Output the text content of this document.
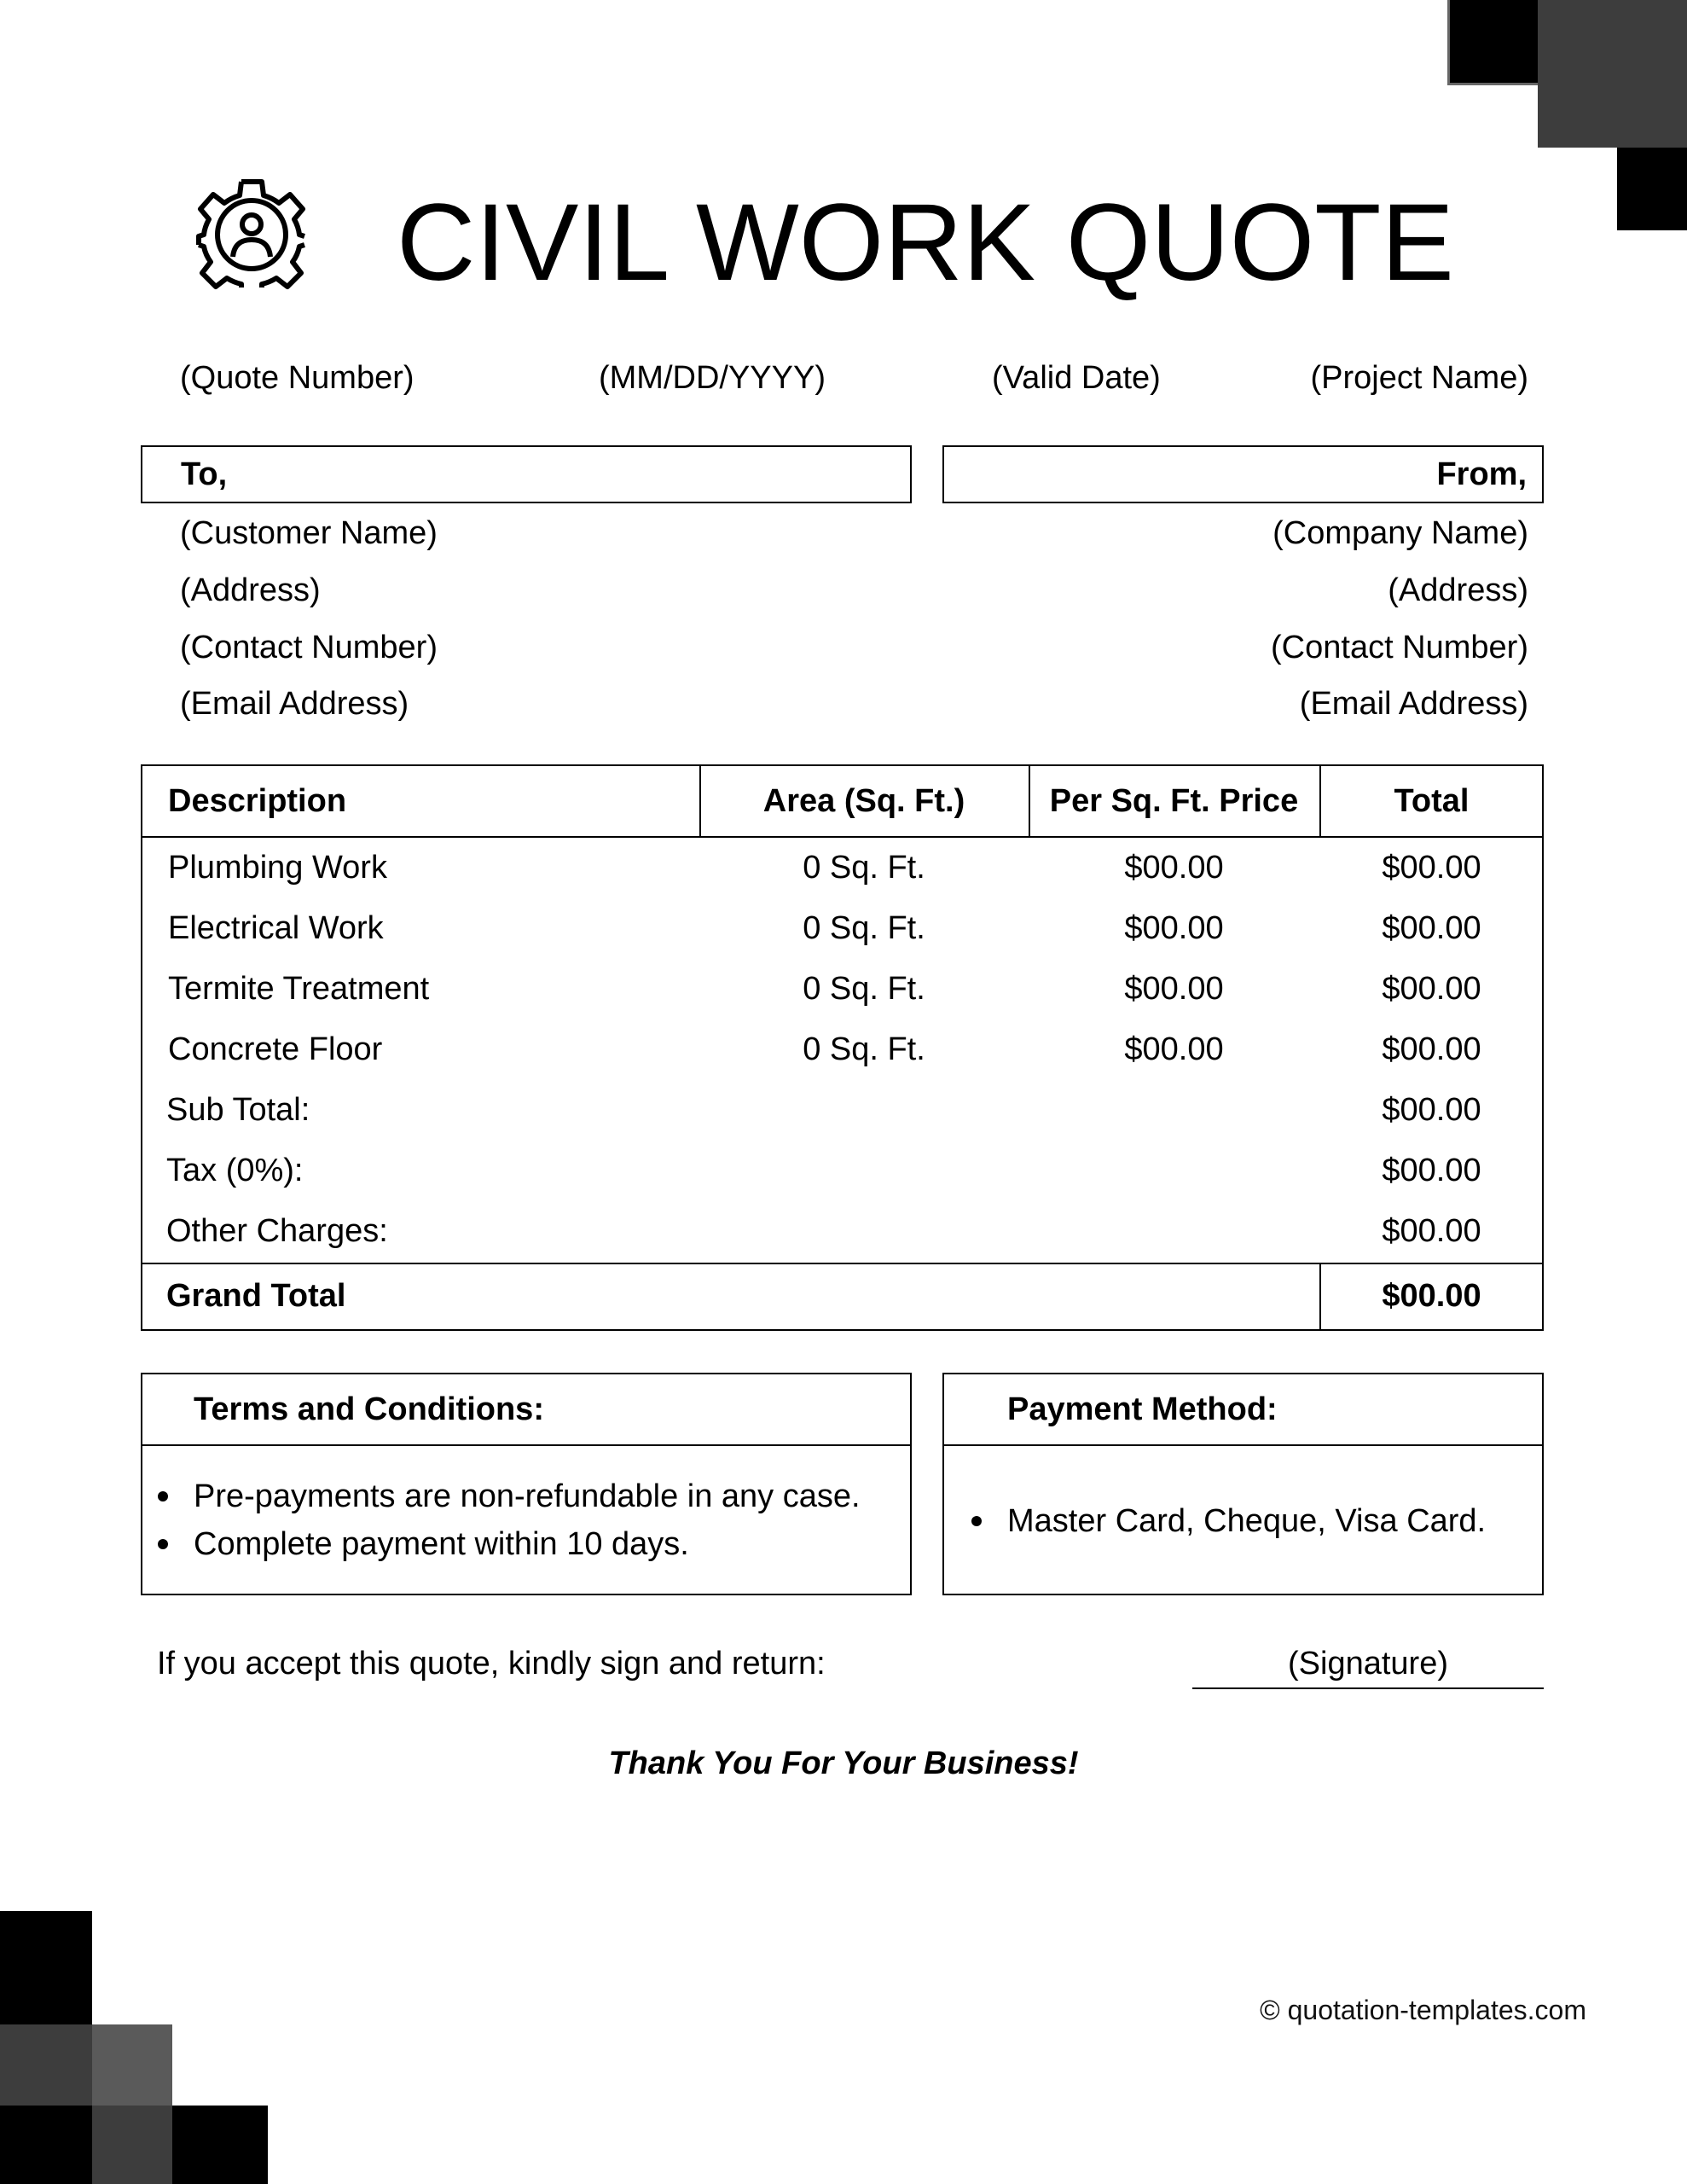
CIVIL WORK QUOTE
(Quote Number)	(MM/DD/YYYY)	(Valid Date)	(Project Name)
To,	From,
(Customer Name)
(Address)
(Contact Number)
(Email Address)
(Company Name)
(Address)
(Contact Number)
(Email Address)
Description	Area (Sq. Ft.)	Per Sq. Ft. Price	Total
Plumbing Work	0 Sq. Ft.	$00.00	$00.00
Electrical Work	0 Sq. Ft.	$00.00	$00.00
Termite Treatment	0 Sq. Ft.	$00.00	$00.00
Concrete Floor	0 Sq. Ft.	$00.00	$00.00
Sub Total:	$00.00
Tax (0%):	$00.00
Other Charges:	$00.00
Grand Total	$00.00
Terms and Conditions:
Pre-payments are non-refundable in any case.
Complete payment within 10 days.
Payment Method:
Master Card, Cheque, Visa Card.
If you accept this quote, kindly sign and return:	(Signature)
Thank You For Your Business!
© quotation-templates.com
